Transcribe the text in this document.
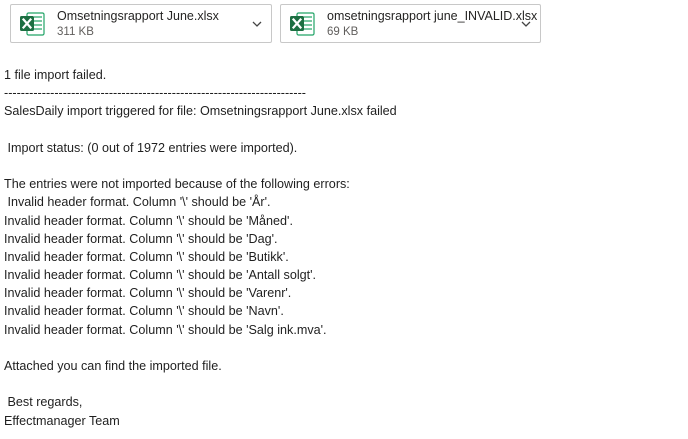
Omsetningsrapport June.xlsx
311 KB
omsetningsrapport june_INVALID.xlsx
69 KB
1 file import failed.
------------------------------------------------------------------------
SalesDaily import triggered for file: Omsetningsrapport June.xlsx failed
Import status: (0 out of 1972 entries were imported).
The entries were not imported because of the following errors:
Invalid header format. Column '\' should be 'År'.
Invalid header format. Column '\' should be 'Måned'.
Invalid header format. Column '\' should be 'Dag'.
Invalid header format. Column '\' should be 'Butikk'.
Invalid header format. Column '\' should be 'Antall solgt'.
Invalid header format. Column '\' should be 'Varenr'.
Invalid header format. Column '\' should be 'Navn'.
Invalid header format. Column '\' should be 'Salg ink.mva'.
Attached you can find the imported file.
Best regards,
Effectmanager Team
